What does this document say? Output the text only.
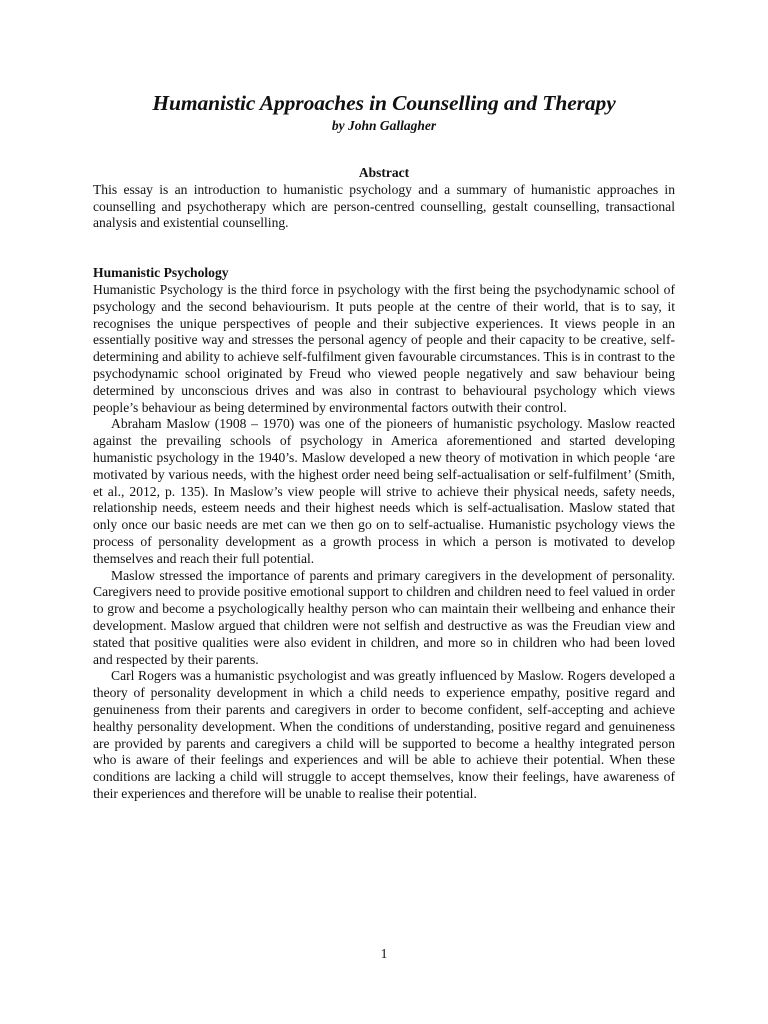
Humanistic Approaches in Counselling and Therapy
by John Gallagher
Abstract

This essay is an introduction to humanistic psychology and a summary of humanistic approaches in counselling and psychotherapy which are person-centred counselling, gestalt counselling, transactional analysis and existential counselling.

Humanistic Psychology

Humanistic Psychology is the third force in psychology with the first being the psychodynamic school of psychology and the second behaviourism. It puts people at the centre of their world, that is to say, it recognises the unique perspectives of people and their subjective experiences. It views people in an essentially positive way and stresses the personal agency of people and their capacity to be creative, self-determining and ability to achieve self-fulfilment given favourable circumstances. This is in contrast to the psychodynamic school originated by Freud who viewed people negatively and saw behaviour being determined by unconscious drives and was also in contrast to behavioural psychology which views people’s behaviour as being determined by environmental factors outwith their control.

Abraham Maslow (1908 – 1970) was one of the pioneers of humanistic psychology. Maslow reacted against the prevailing schools of psychology in America aforementioned and started developing humanistic psychology in the 1940’s. Maslow developed a new theory of motivation in which people ‘are motivated by various needs, with the highest order need being self-actualisation or self-fulfilment’ (Smith, et al., 2012, p. 135). In Maslow’s view people will strive to achieve their physical needs, safety needs, relationship needs, esteem needs and their highest needs which is self-actualisation. Maslow stated that only once our basic needs are met can we then go on to self-actualise. Humanistic psychology views the process of personality development as a growth process in which a person is motivated to develop themselves and reach their full potential.

Maslow stressed the importance of parents and primary caregivers in the development of personality. Caregivers need to provide positive emotional support to children and children need to feel valued in order to grow and become a psychologically healthy person who can maintain their wellbeing and enhance their development. Maslow argued that children were not selfish and destructive as was the Freudian view and stated that positive qualities were also evident in children, and more so in children who had been loved and respected by their parents.

Carl Rogers was a humanistic psychologist and was greatly influenced by Maslow. Rogers developed a theory of personality development in which a child needs to experience empathy, positive regard and genuineness from their parents and caregivers in order to become confident, self-accepting and achieve healthy personality development. When the conditions of understanding, positive regard and genuineness are provided by parents and caregivers a child will be supported to become a healthy integrated person who is aware of their feelings and experiences and will be able to achieve their potential. When these conditions are lacking a child will struggle to accept themselves, know their feelings, have awareness of their experiences and therefore will be unable to realise their potential.

1
